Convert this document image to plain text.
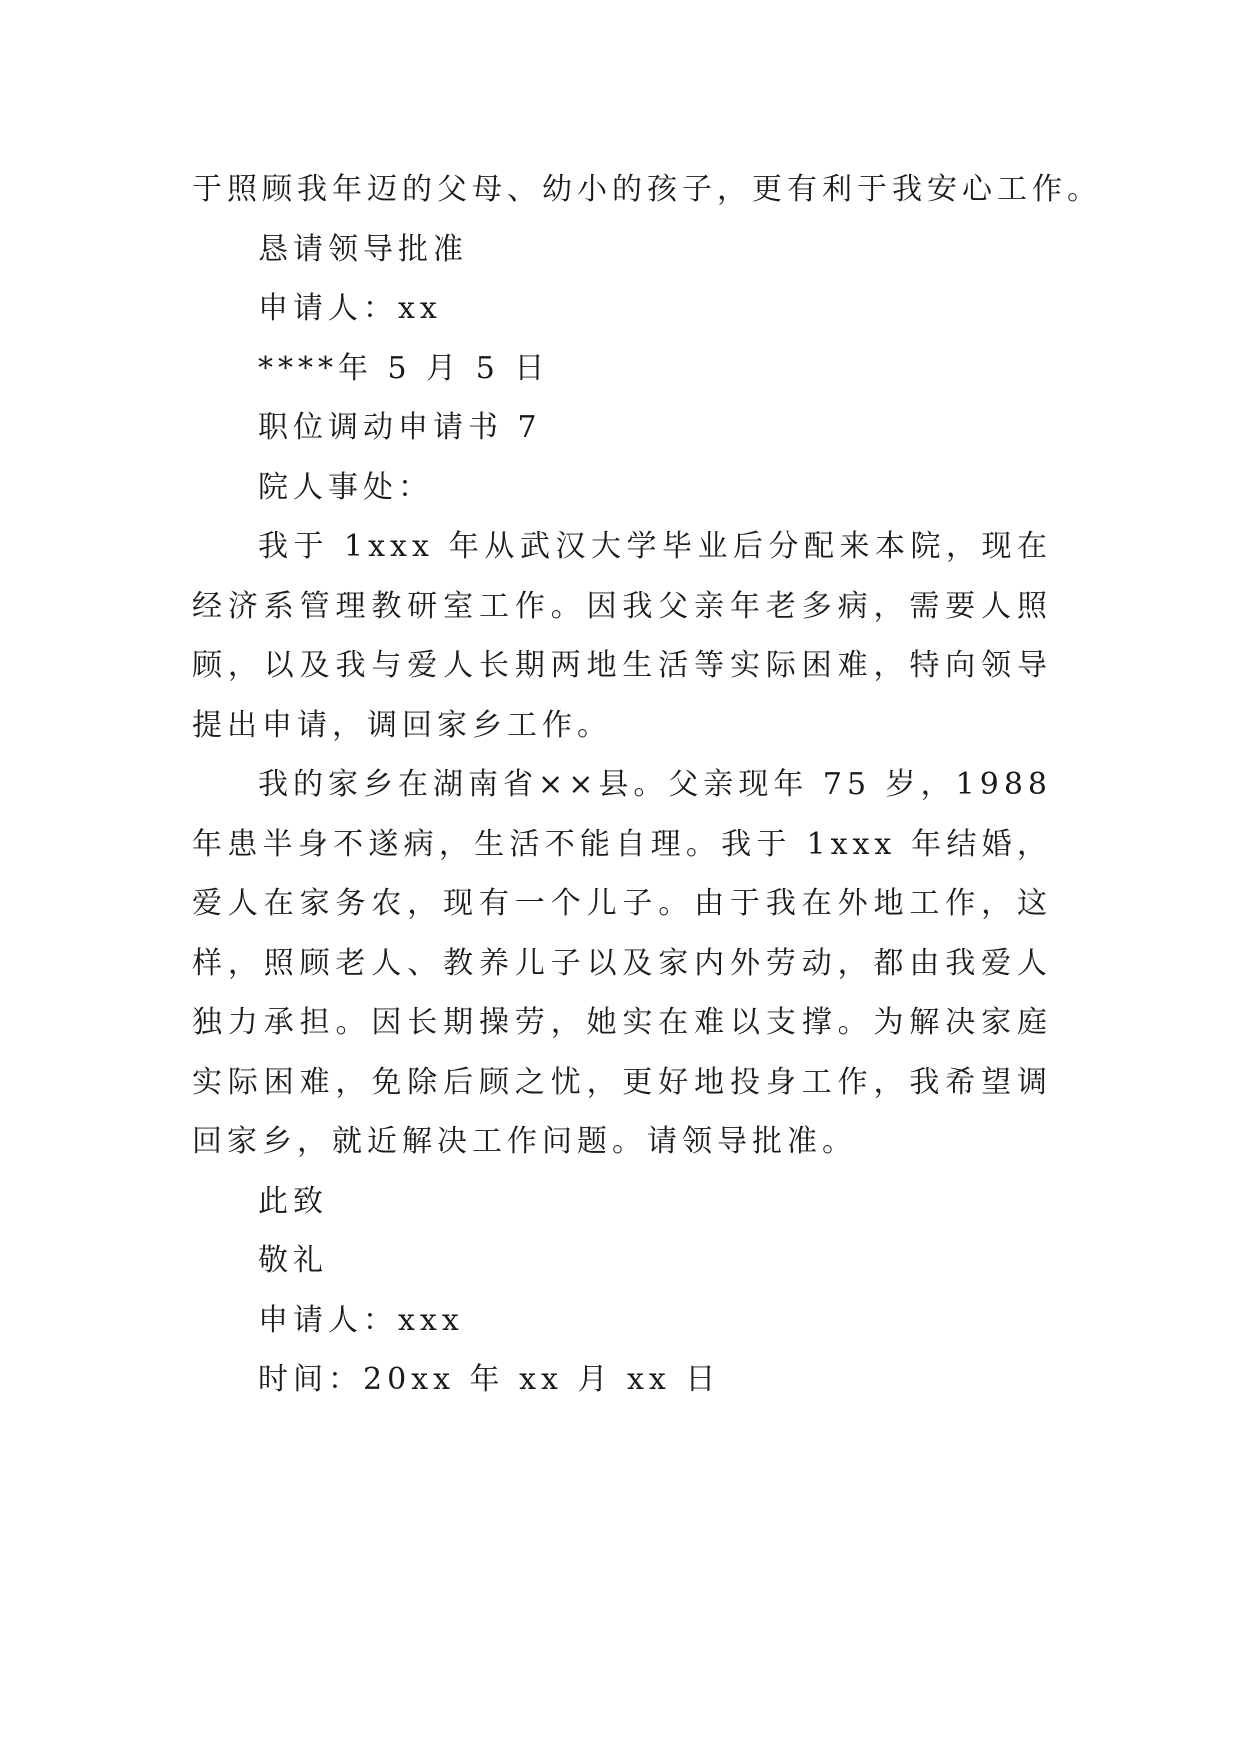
于照顾我年迈的父母、幼小的孩子，更有利于我安心工作。

恳请领导批准

申请人：xx

****年 5 月 5 日

职位调动申请书 7

院人事处：

我于 1xxx 年从武汉大学毕业后分配来本院，现在经济系管理教研室工作。因我父亲年老多病，需要人照顾，以及我与爱人长期两地生活等实际困难，特向领导提出申请，调回家乡工作。

我的家乡在湖南省××县。父亲现年 75 岁，1988 年患半身不遂病，生活不能自理。我于 1xxx 年结婚，爱人在家务农，现有一个儿子。由于我在外地工作，这样，照顾老人、教养儿子以及家内外劳动，都由我爱人独力承担。因长期操劳，她实在难以支撑。为解决家庭实际困难，免除后顾之忧，更好地投身工作，我希望调回家乡，就近解决工作问题。请领导批准。

此致

敬礼

申请人：xxx

时间：20xx 年 xx 月 xx 日
